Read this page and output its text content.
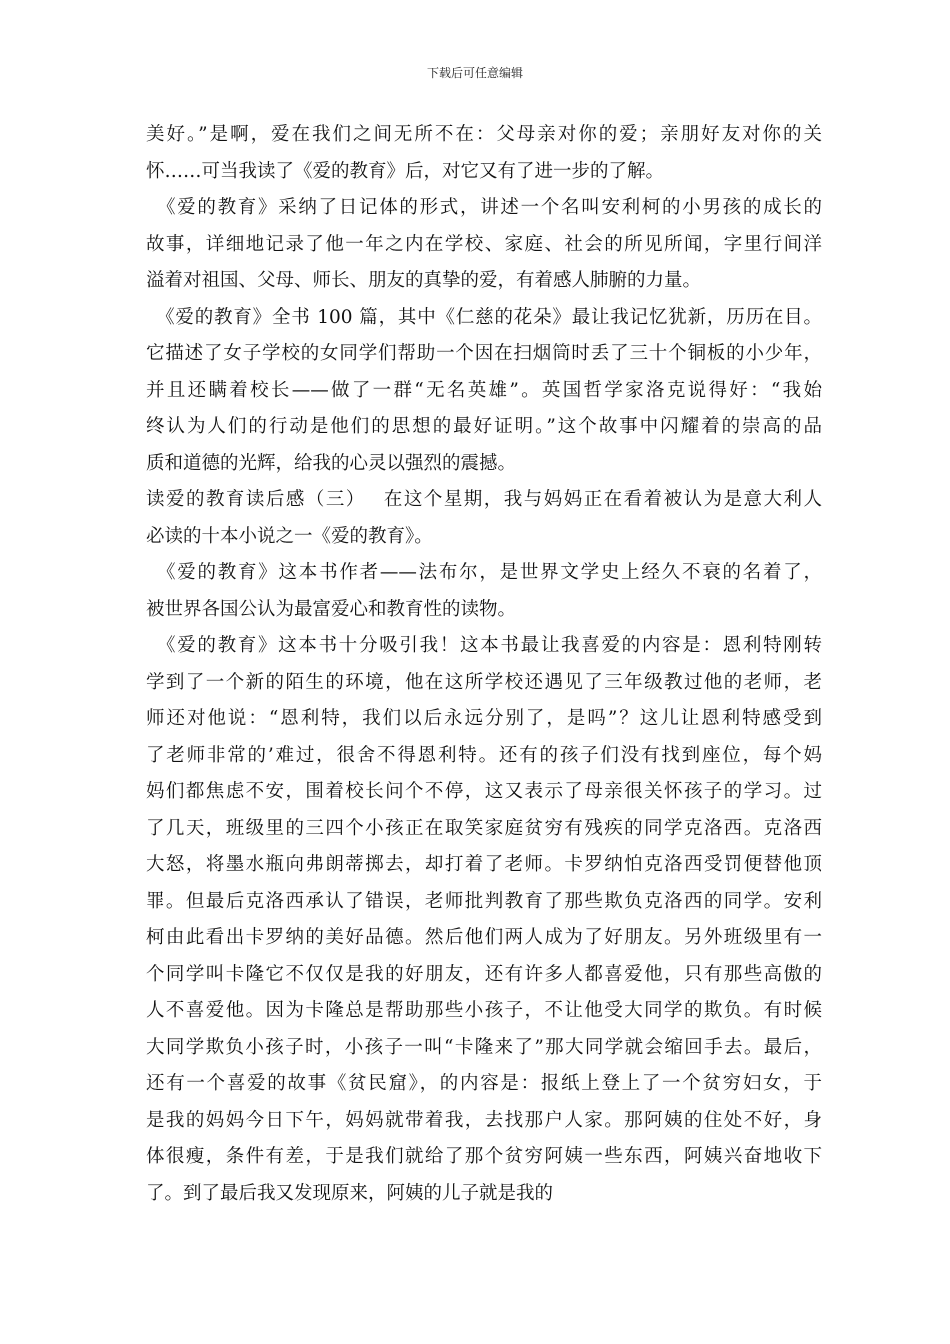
下载后可任意编辑
美好。”是啊，爱在我们之间无所不在：父母亲对你的爱；亲朋好友对你的关
怀……可当我读了《爱的教育》后，对它又有了进一步的了解。
　《爱的教育》采纳了日记体的形式，讲述一个名叫安利柯的小男孩的成长的
故事，详细地记录了他一年之内在学校、家庭、社会的所见所闻，字里行间洋
溢着对祖国、父母、师长、朋友的真挚的爱，有着感人肺腑的力量。
　《爱的教育》全书 100 篇，其中《仁慈的花朵》最让我记忆犹新，历历在目。
它描述了女子学校的女同学们帮助一个因在扫烟筒时丢了三十个铜板的小少年，
并且还瞒着校长——做了一群“无名英雄”。英国哲学家洛克说得好：“我始
终认为人们的行动是他们的思想的最好证明。”这个故事中闪耀着的崇高的品
质和道德的光辉，给我的心灵以强烈的震撼。
读爱的教育读后感（三）　 在这个星期，我与妈妈正在看着被认为是意大利人
必读的十本小说之一《爱的教育》。
　《爱的教育》这本书作者——法布尔，是世界文学史上经久不衰的名着了，
被世界各国公认为最富爱心和教育性的读物。
　《爱的教育》这本书十分吸引我！这本书最让我喜爱的内容是：恩利特刚转
学到了一个新的陌生的环境，他在这所学校还遇见了三年级教过他的老师，老
师还对他说：“恩利特，我们以后永远分别了，是吗”？这儿让恩利特感受到
了老师非常的’难过，很舍不得恩利特。还有的孩子们没有找到座位，每个妈
妈们都焦虑不安，围着校长问个不停，这又表示了母亲很关怀孩子的学习。过
了几天，班级里的三四个小孩正在取笑家庭贫穷有残疾的同学克洛西。克洛西
大怒，将墨水瓶向弗朗蒂掷去，却打着了老师。卡罗纳怕克洛西受罚便替他顶
罪。但最后克洛西承认了错误，老师批判教育了那些欺负克洛西的同学。安利
柯由此看出卡罗纳的美好品德。然后他们两人成为了好朋友。另外班级里有一
个同学叫卡隆它不仅仅是我的好朋友，还有许多人都喜爱他，只有那些高傲的
人不喜爱他。因为卡隆总是帮助那些小孩子，不让他受大同学的欺负。有时候
大同学欺负小孩子时，小孩子一叫“卡隆来了”那大同学就会缩回手去。最后，
还有一个喜爱的故事《贫民窟》，的内容是：报纸上登上了一个贫穷妇女，于
是我的妈妈今日下午，妈妈就带着我，去找那户人家。那阿姨的住处不好，身
体很瘦，条件有差，于是我们就给了那个贫穷阿姨一些东西，阿姨兴奋地收下
了。到了最后我又发现原来，阿姨的儿子就是我的
